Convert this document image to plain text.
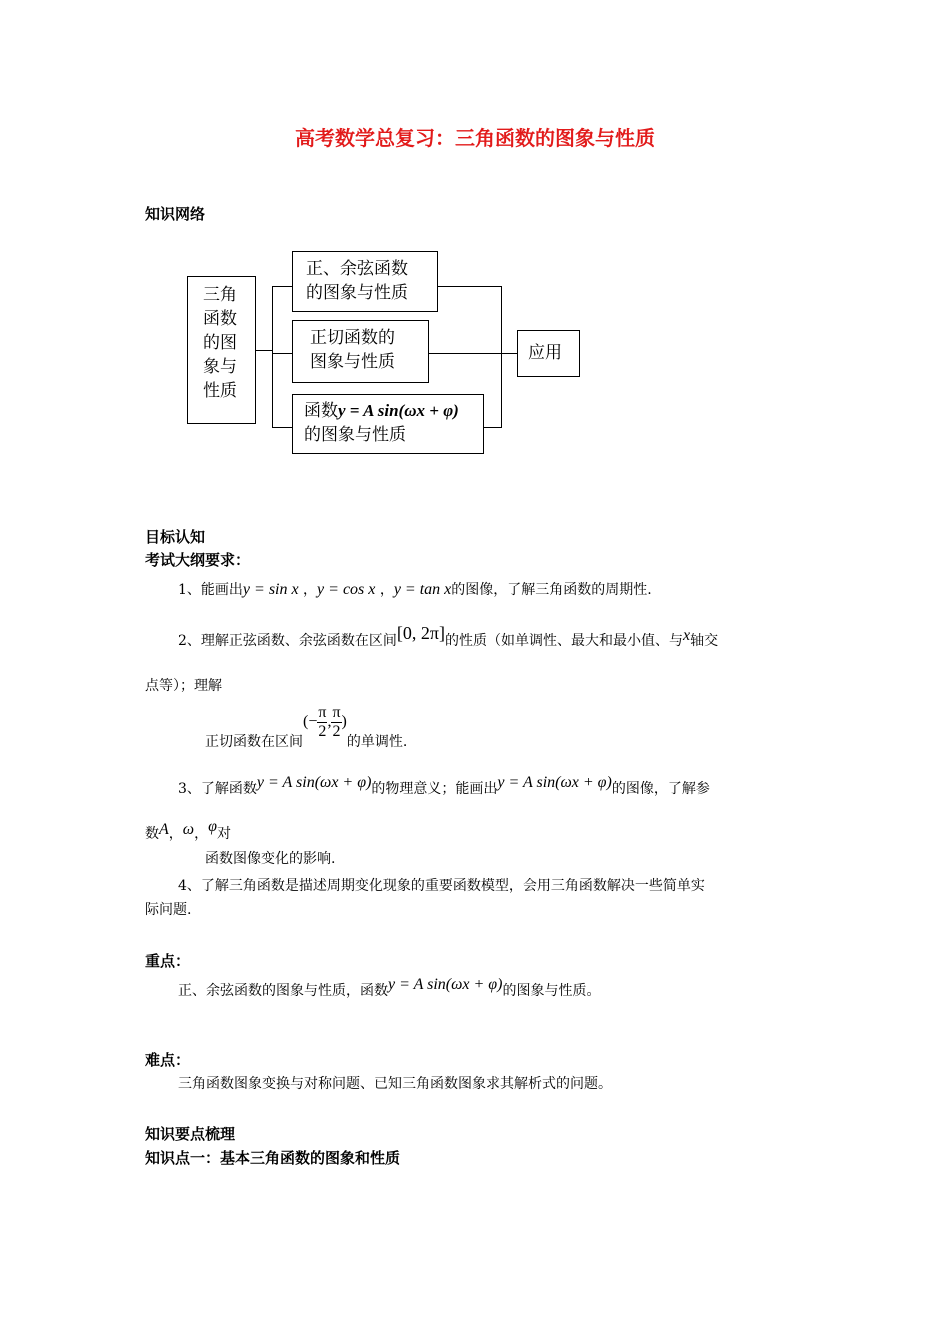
高考数学总复习：三角函数的图象与性质
知识网络
三角
函数
的图
象与
性质
正、余弦函数
的图象与性质
正切函数的
图象与性质
函数y = A sin(ωx + φ)
的图象与性质
应用
目标认知
考试大纲要求：
1、能画出y = sin x ，y = cos x ，y = tan x的图像，了解三角函数的周期性.
2、理解正弦函数、余弦函数在区间[0, 2π]的性质（如单调性、最大和最小值、与x轴交
点等）；理解
正切函数在区间(− $\frac{\pi}{2}$ , $\frac{\pi}{2}$ )的单调性.
3、了解函数y = A sin(ωx + φ)的物理意义；能画出y = A sin(ωx + φ)的图像，了解参
数A，ω，φ对
函数图像变化的影响.
4、了解三角函数是描述周期变化现象的重要函数模型，会用三角函数解决一些简单实
际问题.
重点：
正、余弦函数的图象与性质，函数y = A sin(ωx + φ)的图象与性质。
难点：
三角函数图象变换与对称问题、已知三角函数图象求其解析式的问题。
知识要点梳理
知识点一：基本三角函数的图象和性质
